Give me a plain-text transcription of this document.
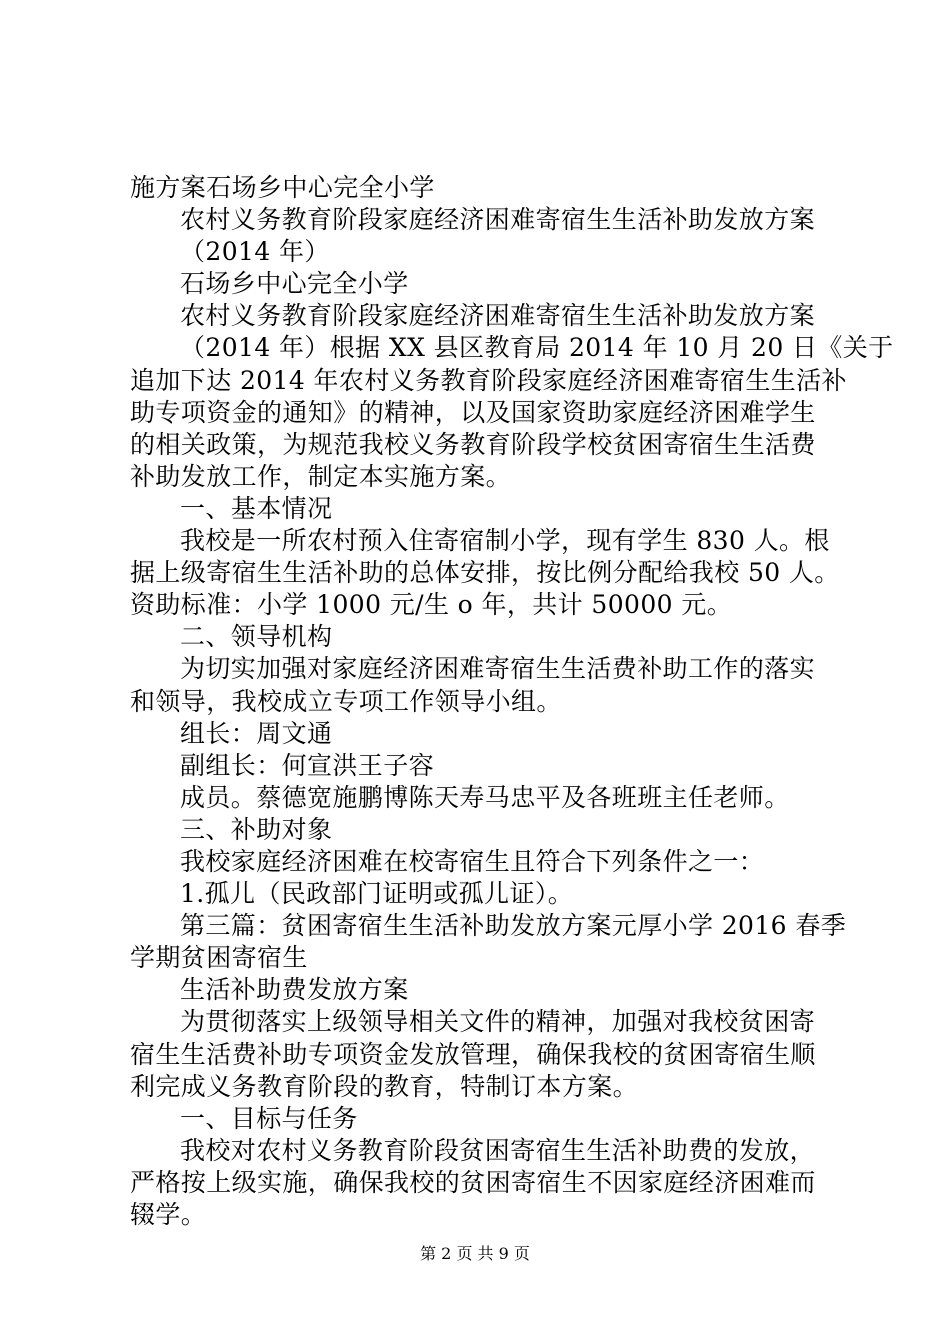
施方案石场乡中心完全小学
农村义务教育阶段家庭经济困难寄宿生生活补助发放方案
（2014 年）
石场乡中心完全小学
农村义务教育阶段家庭经济困难寄宿生生活补助发放方案
（2014 年）根据 XX 县区教育局 2014 年 10 月 20 日《关于
追加下达 2014 年农村义务教育阶段家庭经济困难寄宿生生活补
助专项资金的通知》的精神，以及国家资助家庭经济困难学生
的相关政策，为规范我校义务教育阶段学校贫困寄宿生生活费
补助发放工作，制定本实施方案。
一、基本情况
我校是一所农村预入住寄宿制小学，现有学生 830 人。根
据上级寄宿生生活补助的总体安排，按比例分配给我校 50 人。
资助标准：小学 1000 元/生 o 年，共计 50000 元。
二、领导机构
为切实加强对家庭经济困难寄宿生生活费补助工作的落实
和领导，我校成立专项工作领导小组。
组长：周文通
副组长：何宣洪王子容
成员。蔡德宽施鹏博陈天寿马忠平及各班班主任老师。
三、补助对象
我校家庭经济困难在校寄宿生且符合下列条件之一：
1.孤儿（民政部门证明或孤儿证）。
第三篇：贫困寄宿生生活补助发放方案元厚小学 2016 春季
学期贫困寄宿生
生活补助费发放方案
为贯彻落实上级领导相关文件的精神，加强对我校贫困寄
宿生生活费补助专项资金发放管理，确保我校的贫困寄宿生顺
利完成义务教育阶段的教育，特制订本方案。
一、目标与任务
我校对农村义务教育阶段贫困寄宿生生活补助费的发放，
严格按上级实施，确保我校的贫困寄宿生不因家庭经济困难而
辍学。
第 2 页 共 9 页
